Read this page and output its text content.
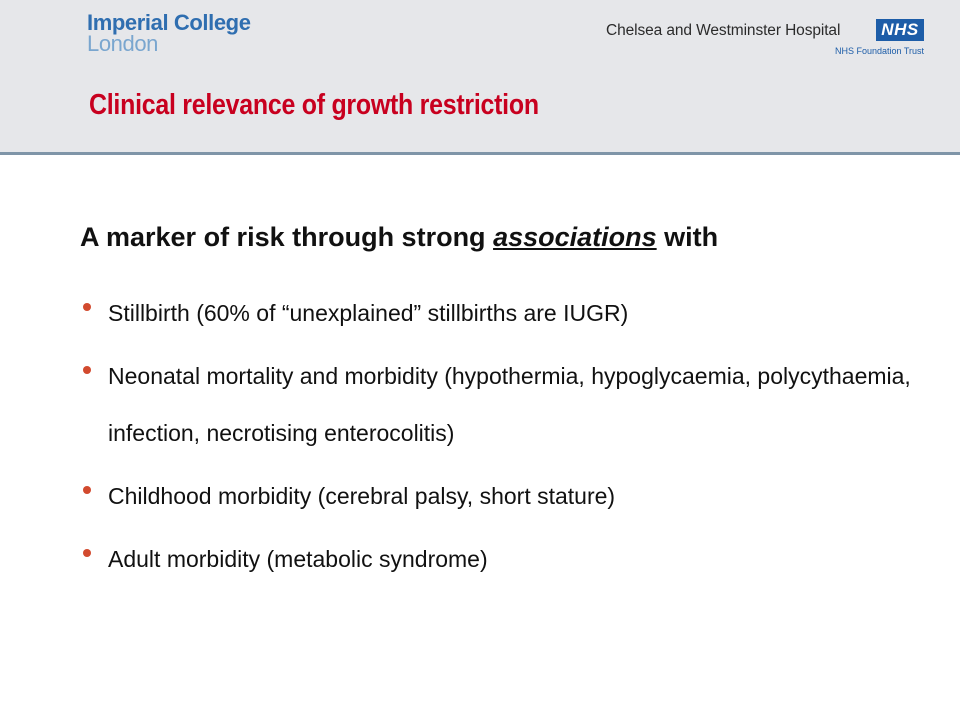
Imperial College
London
Chelsea and Westminster Hospital	NHS
NHS Foundation Trust
Clinical relevance of growth restriction
A marker of risk through strong associations with
Stillbirth (60% of “unexplained” stillbirths are IUGR)
Neonatal mortality and morbidity (hypothermia, hypoglycaemia, polycythaemia, infection, necrotising enterocolitis)
Childhood morbidity (cerebral palsy, short stature)
Adult morbidity (metabolic syndrome)
